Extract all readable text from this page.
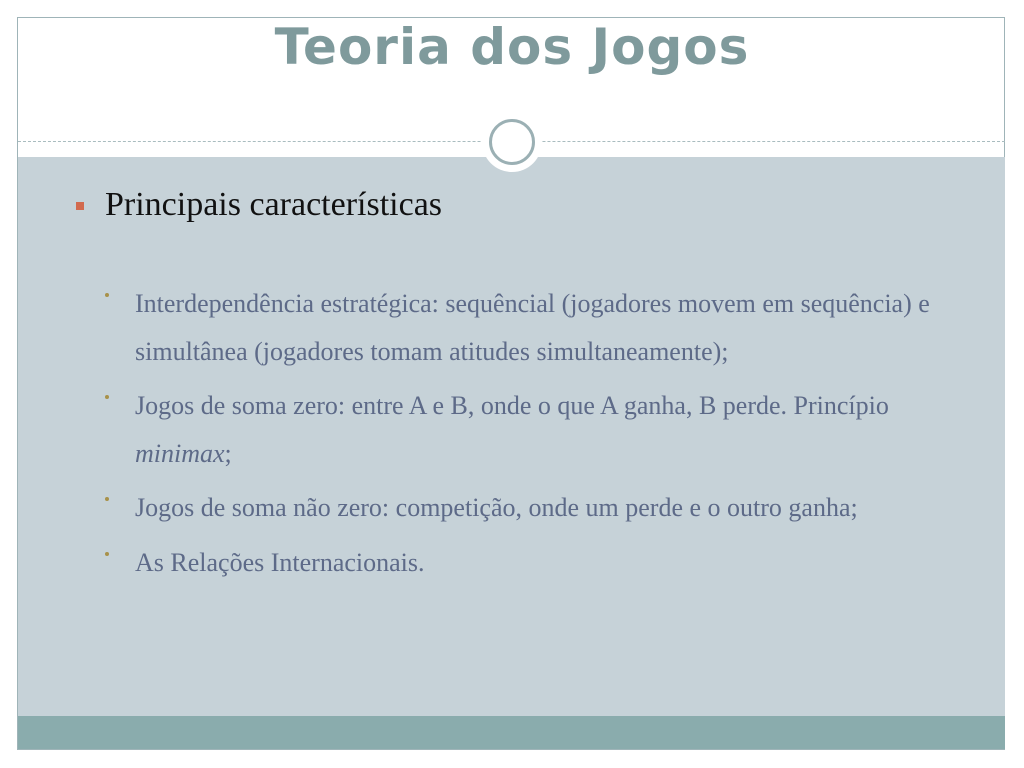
Teoria dos Jogos
Principais características
Interdependência estratégica: sequêncial (jogadores movem em sequência) e simultânea (jogadores tomam atitudes simultaneamente);
Jogos de soma zero: entre A e B, onde o que A ganha, B perde. Princípio minimax;
Jogos de soma não zero: competição, onde um perde e o outro ganha;
As Relações Internacionais.
